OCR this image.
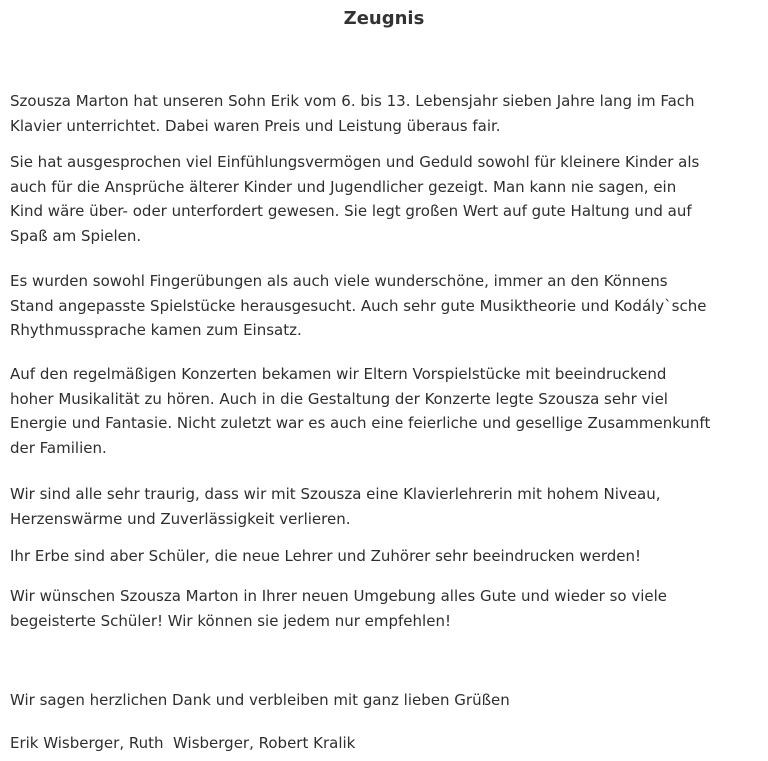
Zeugnis
Szousza Marton hat unseren Sohn Erik vom 6. bis 13. Lebensjahr sieben Jahre lang im Fach
Klavier unterrichtet. Dabei waren Preis und Leistung überaus fair.
Sie hat ausgesprochen viel Einfühlungsvermögen und Geduld sowohl für kleinere Kinder als
auch für die Ansprüche älterer Kinder und Jugendlicher gezeigt. Man kann nie sagen, ein
Kind wäre über- oder unterfordert gewesen. Sie legt großen Wert auf gute Haltung und auf
Spaß am Spielen.
Es wurden sowohl Fingerübungen als auch viele wunderschöne, immer an den Könnens
Stand angepasste Spielstücke herausgesucht. Auch sehr gute Musiktheorie und Kodály`sche
Rhythmussprache kamen zum Einsatz.
Auf den regelmäßigen Konzerten bekamen wir Eltern Vorspielstücke mit beeindruckend
hoher Musikalität zu hören. Auch in die Gestaltung der Konzerte legte Szousza sehr viel
Energie und Fantasie. Nicht zuletzt war es auch eine feierliche und gesellige Zusammenkunft
der Familien.
Wir sind alle sehr traurig, dass wir mit Szousza eine Klavierlehrerin mit hohem Niveau,
Herzenswärme und Zuverlässigkeit verlieren.
Ihr Erbe sind aber Schüler, die neue Lehrer und Zuhörer sehr beeindrucken werden!
Wir wünschen Szousza Marton in Ihrer neuen Umgebung alles Gute und wieder so viele
begeisterte Schüler! Wir können sie jedem nur empfehlen!
Wir sagen herzlichen Dank und verbleiben mit ganz lieben Grüßen
Erik Wisberger, Ruth  Wisberger, Robert Kralik
